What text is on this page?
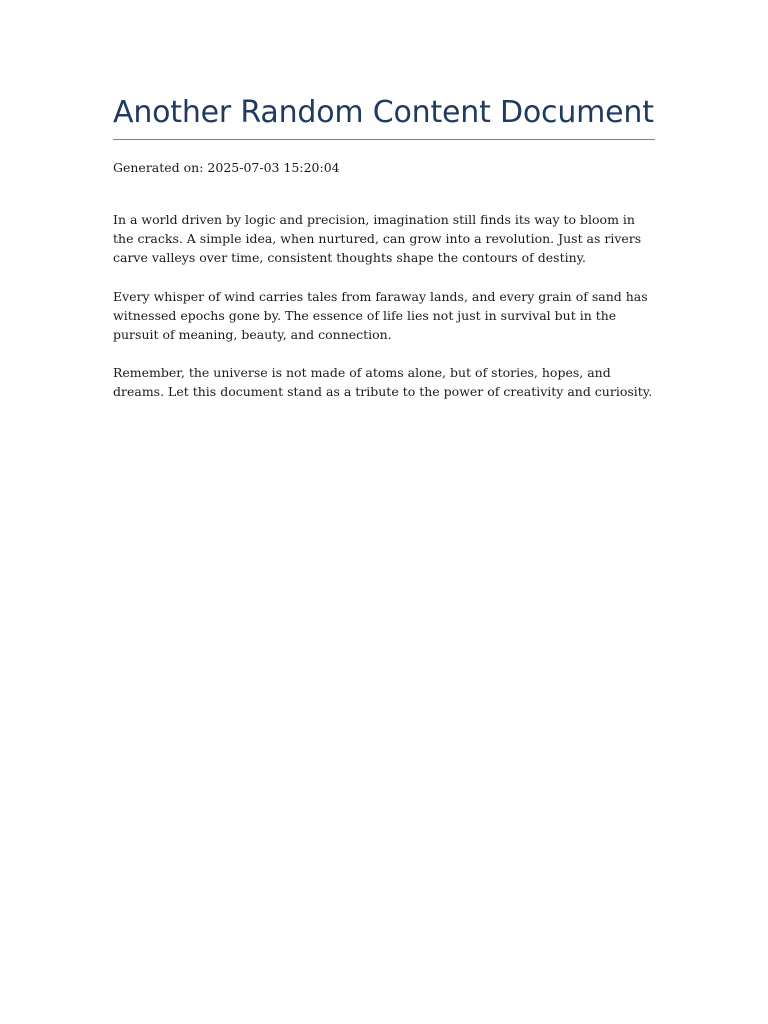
Another Random Content Document

Generated on: 2025-07-03 15:20:04

In a world driven by logic and precision, imagination still finds its way to bloom in the cracks. A simple idea, when nurtured, can grow into a revolution. Just as rivers carve valleys over time, consistent thoughts shape the contours of destiny.

Every whisper of wind carries tales from faraway lands, and every grain of sand has witnessed epochs gone by. The essence of life lies not just in survival but in the pursuit of meaning, beauty, and connection.

Remember, the universe is not made of atoms alone, but of stories, hopes, and dreams. Let this document stand as a tribute to the power of creativity and curiosity.
